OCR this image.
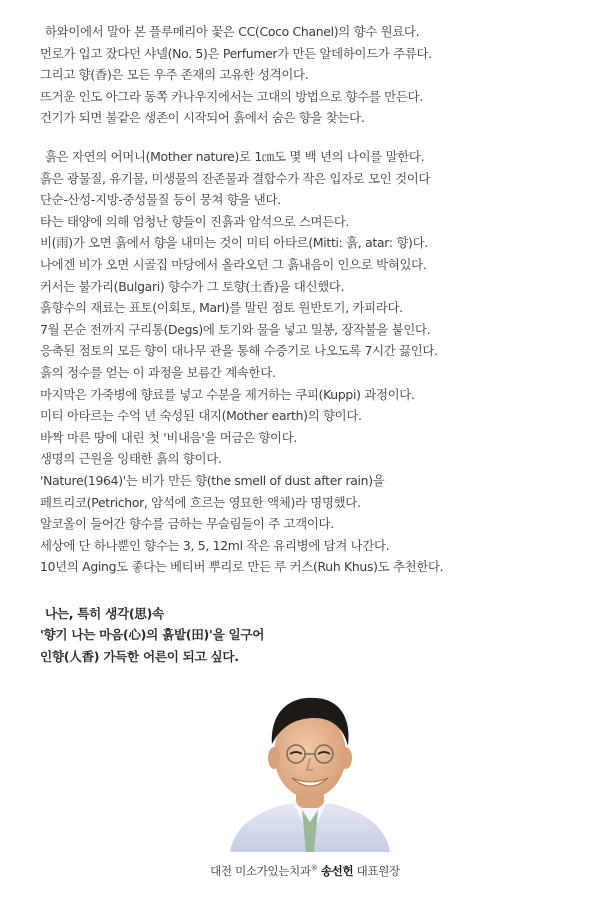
하와이에서 말아 본 플루메리아 꽃은 CC(Coco Chanel)의 향수 원료다.
먼로가 입고 잤다던 샤넬(No. 5)은 Perfumer가 만든 알데하이드가 주류다.
그리고 향(香)은 모든 우주 존재의 고유한 성격이다.
뜨거운 인도 아그라 동쪽 카나우지에서는 고대의 방법으로 향수를 만든다.
건기가 되면 불같은 생존이 시작되어 흙에서 숨은 향을 찾는다.
흙은 자연의 어머니(Mother nature)로 1㎝도 몇 백 년의 나이를 말한다.
흙은 광물질, 유기물, 미생물의 잔존물과 결합수가 작은 입자로 모인 것이다
단순-산성-지방-중성물질 등이 뭉쳐 향을 낸다.
타는 태양에 의해 엄청난 향들이 진흙과 암석으로 스며든다.
비(雨)가 오면 흙에서 향을 내미는 것이 미티 아타르(Mitti: 흙, atar: 향)다.
나에겐 비가 오면 시골집 마당에서 올라오던 그 흙내음이 인으로 박혀있다.
커서는 불가리(Bulgari) 향수가 그 토향(土香)을 대신했다.
흙향수의 재료는 표토(이회토, Marl)를 말린 점토 원반토기, 카피라다.
7월 몬순 전까지 구리통(Degs)에 토기와 물을 넣고 밀봉, 장작불을 붙인다.
응축된 점토의 모든 향이 대나무 관을 통해 수증기로 나오도록 7시간 끓인다.
흙의 정수를 얻는 이 과정을 보름간 계속한다.
마지막은 가죽병에 향료를 넣고 수분을 제거하는 쿠피(Kuppi) 과정이다.
미티 아타르는 수억 년 숙성된 대지(Mother earth)의 향이다.
바짝 마른 땅에 내린 첫 '비내음'을 머금은 향이다.
생명의 근원을 잉태한 흙의 향이다.
'Nature(1964)'는 비가 만든 향(the smell of dust after rain)을
페트리코(Petrichor, 암석에 흐르는 영묘한 액체)라 명명했다.
알코올이 들어간 향수를 금하는 무슬림들이 주 고객이다.
세상에 단 하나뿐인 향수는 3, 5, 12ml 작은 유리병에 담겨 나간다.
10년의 Aging도 좋다는 베티버 뿌리로 만든 루 커스(Ruh Khus)도 추천한다.
나는, 특히 생각(思)속
'향기 나는 마음(心)의 흙밭(田)'을 일구어
인향(人香) 가득한 어른이 되고 싶다.
대전 미소가있는치과® 송선헌 대표원장
